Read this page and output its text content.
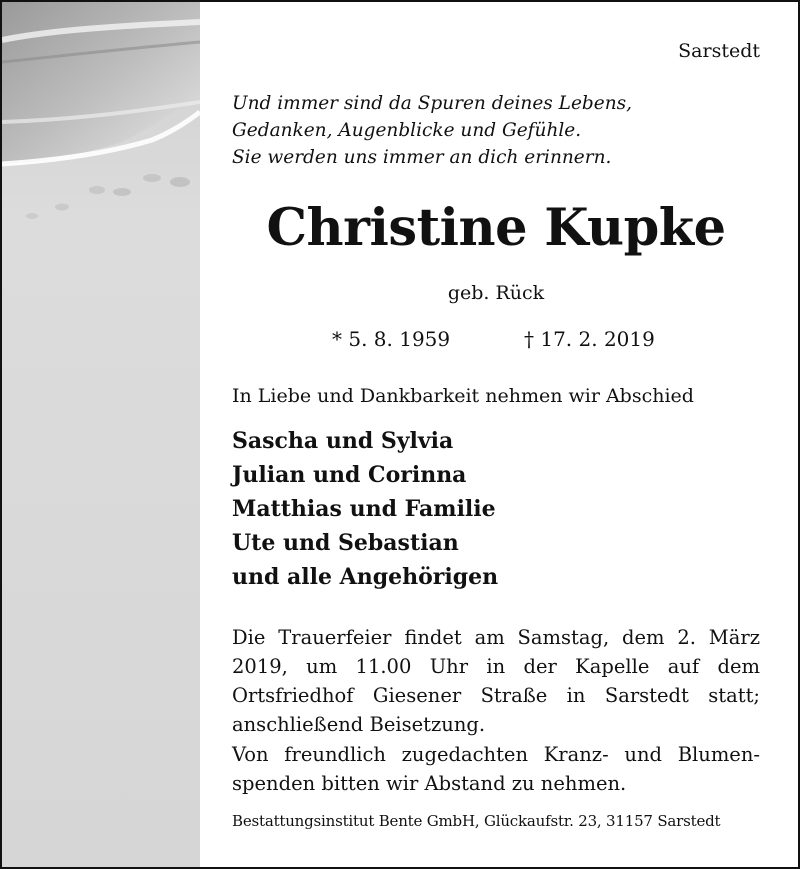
Sarstedt
Und immer sind da Spuren deines Lebens,
Gedanken, Augenblicke und Gefühle.
Sie werden uns immer an dich erinnern.
Christine Kupke
geb. Rück
* 5. 8. 1959	† 17. 2. 2019
In Liebe und Dankbarkeit nehmen wir Abschied
Sascha und Sylvia
Julian und Corinna
Matthias und Familie
Ute und Sebastian
und alle Angehörigen
Die Trauerfeier findet am Samstag, dem 2. März
2019, um 11.00 Uhr in der Kapelle auf dem
Ortsfriedhof Giesener Straße in Sarstedt statt;
anschließend Beisetzung.
Von freundlich zugedachten Kranz- und Blumen-
spenden bitten wir Abstand zu nehmen.
Bestattungsinstitut Bente GmbH, Glückaufstr. 23, 31157 Sarstedt
